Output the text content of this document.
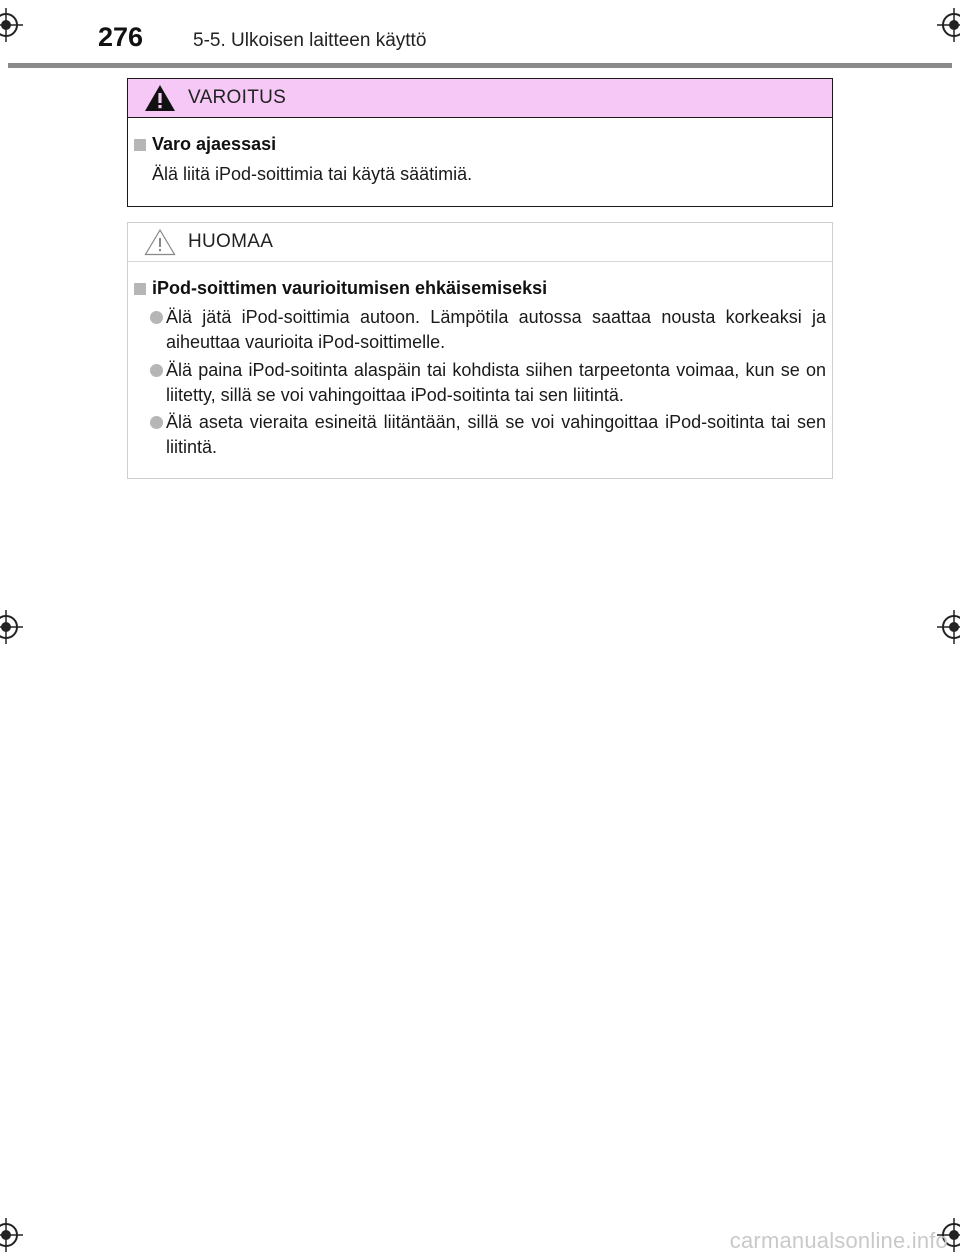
276	5-5. Ulkoisen laitteen käyttö
VAROITUS
Varo ajaessasi
Älä liitä iPod-soittimia tai käytä säätimiä.
HUOMAA
iPod-soittimen vaurioitumisen ehkäisemiseksi
Älä jätä iPod-soittimia autoon. Lämpötila autossa saattaa nousta korkeaksi ja aiheuttaa vaurioita iPod-soittimelle.
Älä paina iPod-soitinta alaspäin tai kohdista siihen tarpeetonta voimaa, kun se on liitetty, sillä se voi vahingoittaa iPod-soitinta tai sen liitintä.
Älä aseta vieraita esineitä liitäntään, sillä se voi vahingoittaa iPod-soitinta tai sen liitintä.
carmanualsonline.info
